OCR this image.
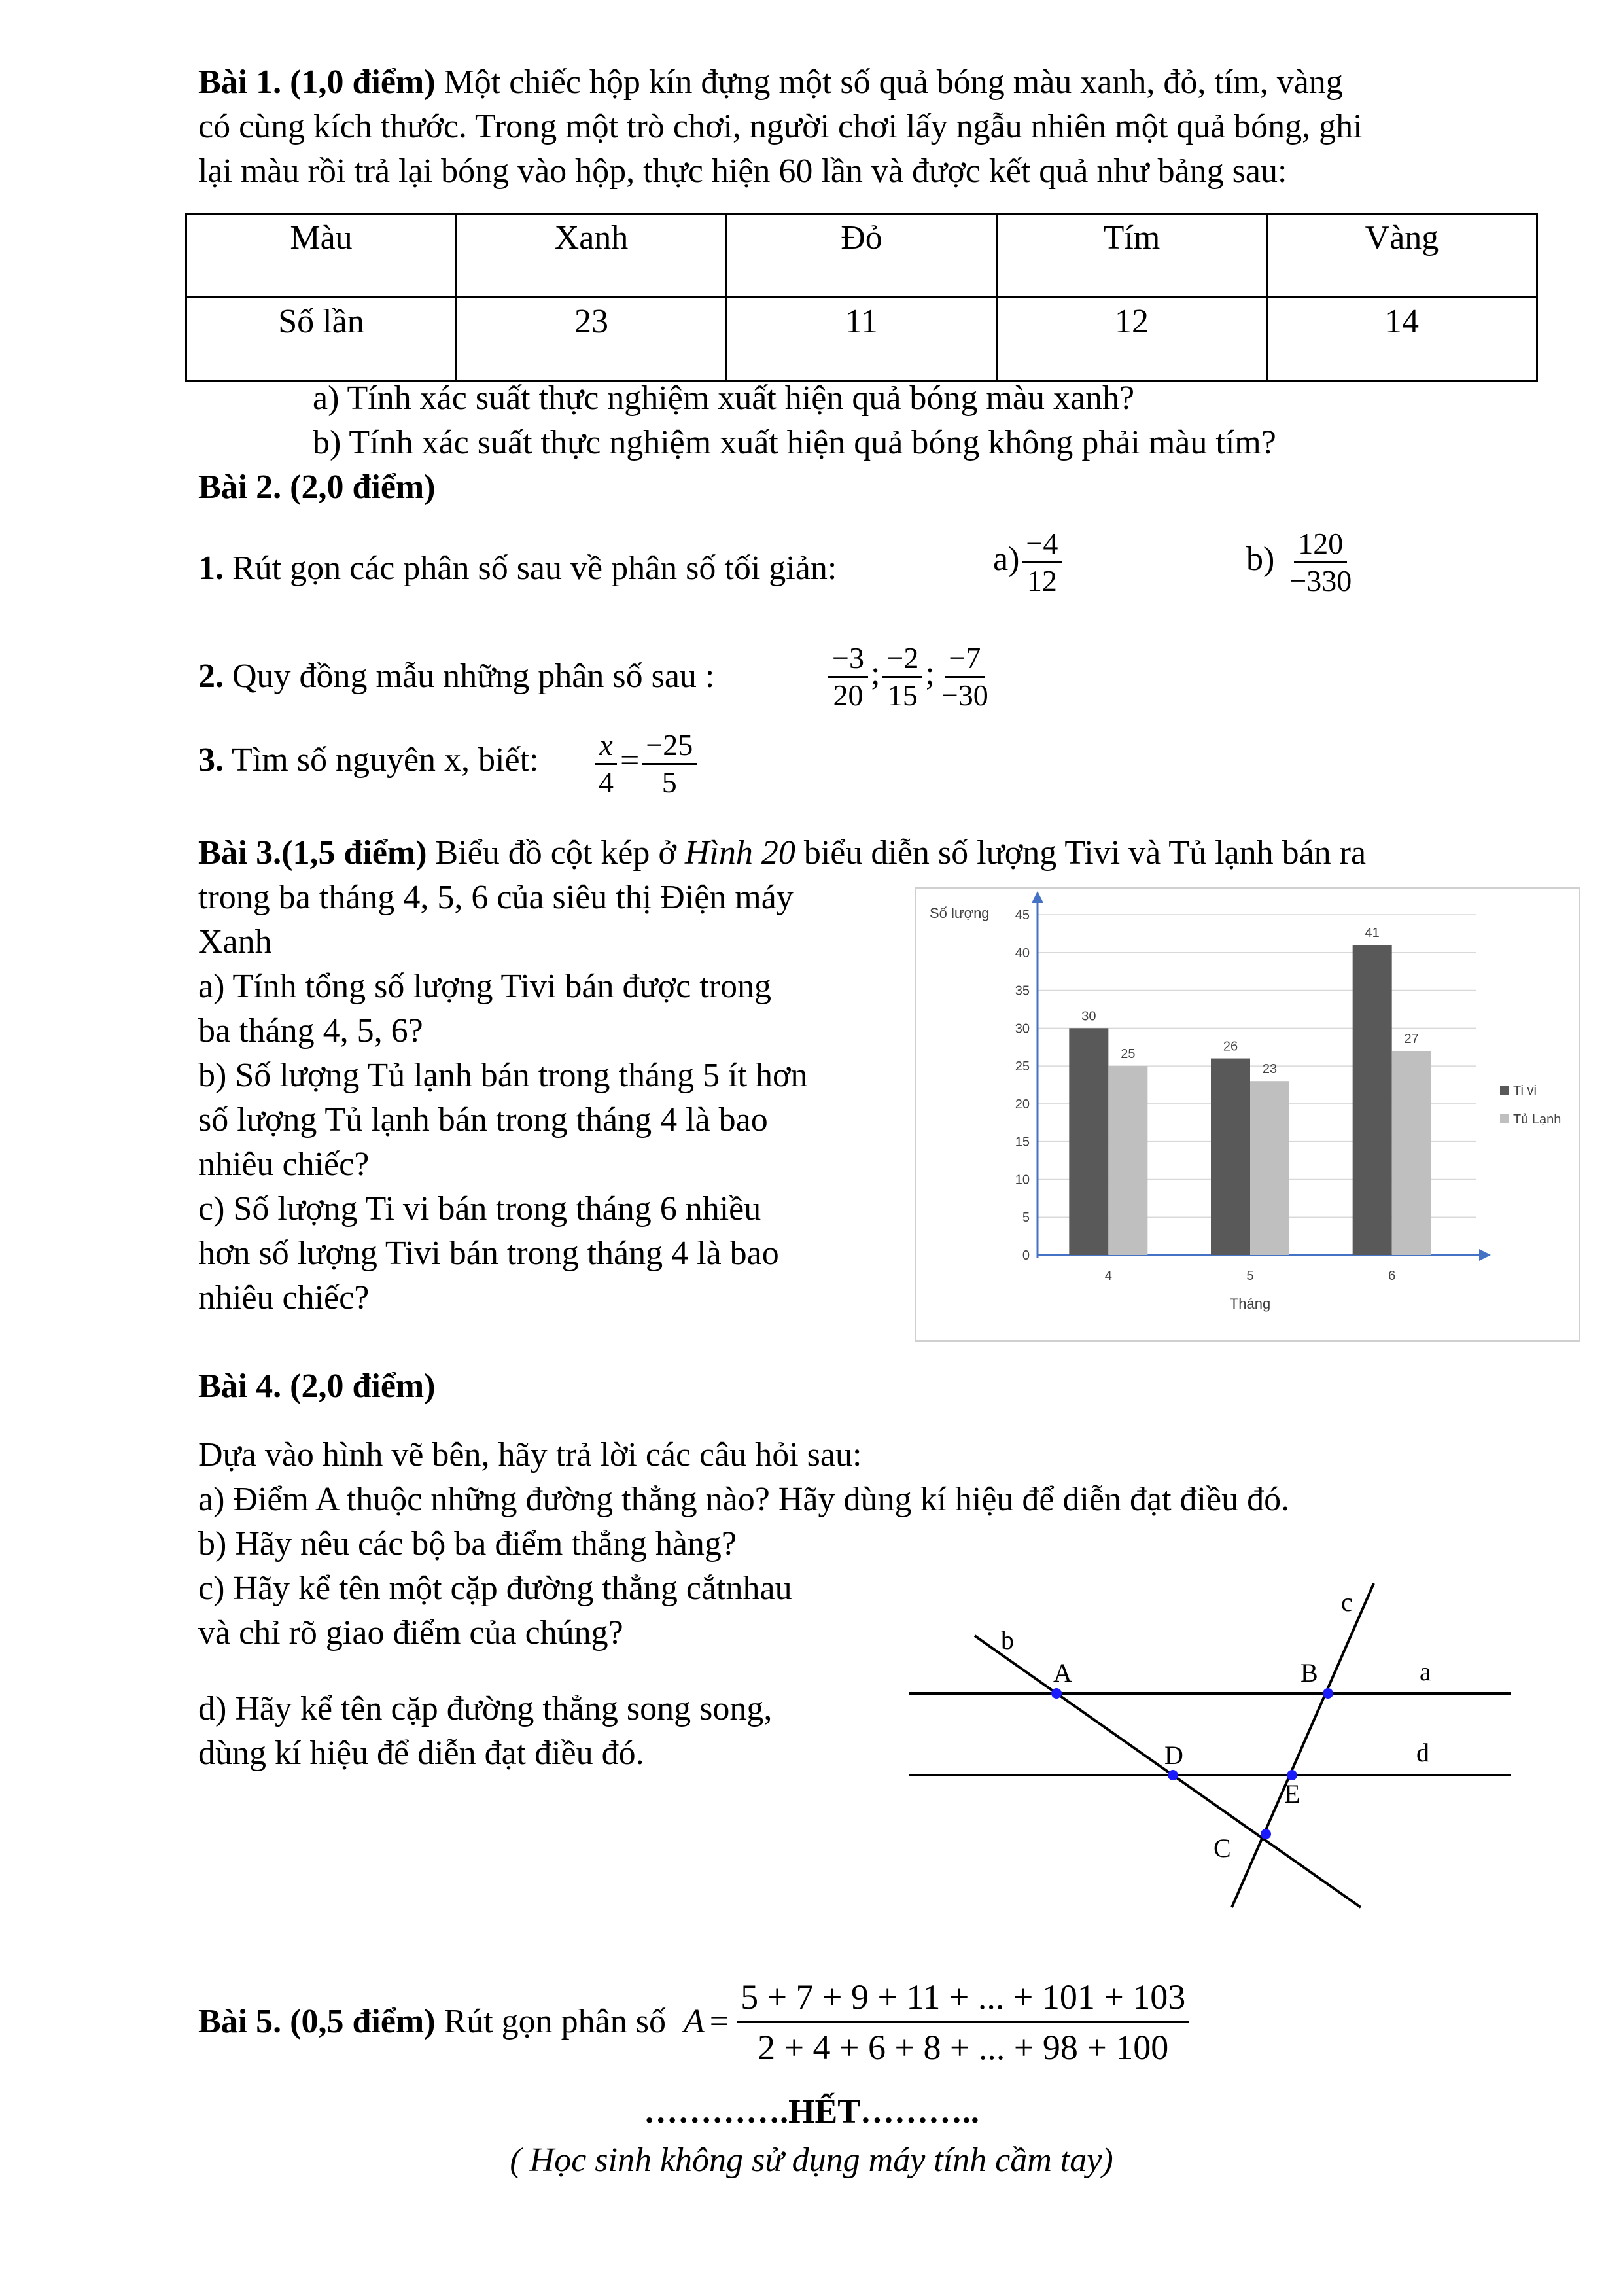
Bài 1. (1,0 điểm) Một chiếc hộp kín đựng một số quả bóng màu xanh, đỏ, tím, vàng
có cùng kích thước. Trong một trò chơi, người chơi lấy ngẫu nhiên một quả bóng, ghi
lại màu rồi trả lại bóng vào hộp, thực hiện 60 lần và được kết quả như bảng sau:
Màu	Xanh	Đỏ	Tím	Vàng
Số lần	23	11	12	14
a) Tính xác suất thực nghiệm xuất hiện quả bóng màu xanh?
b) Tính xác suất thực nghiệm xuất hiện quả bóng không phải màu tím?
Bài 2. (2,0 điểm)
1. Rút gọn các phân số sau về phân số tối giản:	$a) \frac{-4}{12}$	$b) \frac{120}{-330}$
2. Quy đồng mẫu những phân số sau :	$\frac{-3}{20}$ ; $\frac{-2}{15}$ ; $\frac{-7}{-30}$
3. Tìm số nguyên x, biết: $\frac{x}{4} = \frac{-25}{5}$
Bài 3.(1,5 điểm) Biểu đồ cột kép ở Hình 20 biểu diễn số lượng Tivi và Tủ lạnh bán ra
trong ba tháng 4, 5, 6 của siêu thị Điện máy
Xanh
a) Tính tổng số lượng Tivi bán được trong
ba tháng 4, 5, 6?
b) Số lượng Tủ lạnh bán trong tháng 5 ít hơn
số lượng Tủ lạnh bán trong tháng 4 là bao
nhiêu chiếc?
c) Số lượng Ti vi bán trong tháng 6 nhiều
hơn số lượng Tivi bán trong tháng 4 là bao
nhiêu chiếc?
0
5
10
15
20
25
30
35
40
45
Số lượng
30
25
4
26
23
5
41
27
6
Tháng
Ti vi
Tủ Lạnh
Bài 4. (2,0 điểm)
Dựa vào hình vẽ bên, hãy trả lời các câu hỏi sau:
a) Điểm A thuộc những đường thẳng nào? Hãy dùng kí hiệu để diễn đạt điều đó.
b) Hãy nêu các bộ ba điểm thẳng hàng?
c) Hãy kể tên một cặp đường thẳng cắtnhau
và chỉ rõ giao điểm của chúng?
d) Hãy kể tên cặp đường thẳng song song,
dùng kí hiệu để diễn đạt điều đó.
A	B
C
D
E
a
b
c
d
Bài 5. (0,5 điểm) Rút gọn phân số $A = \frac{5 + 7 + 9 + 11 + ... + 101 + 103}{2 + 4 + 6 + 8 + ... + 98 + 100}$
………….HẾT………..
( Học sinh không sử dụng máy tính cầm tay)
